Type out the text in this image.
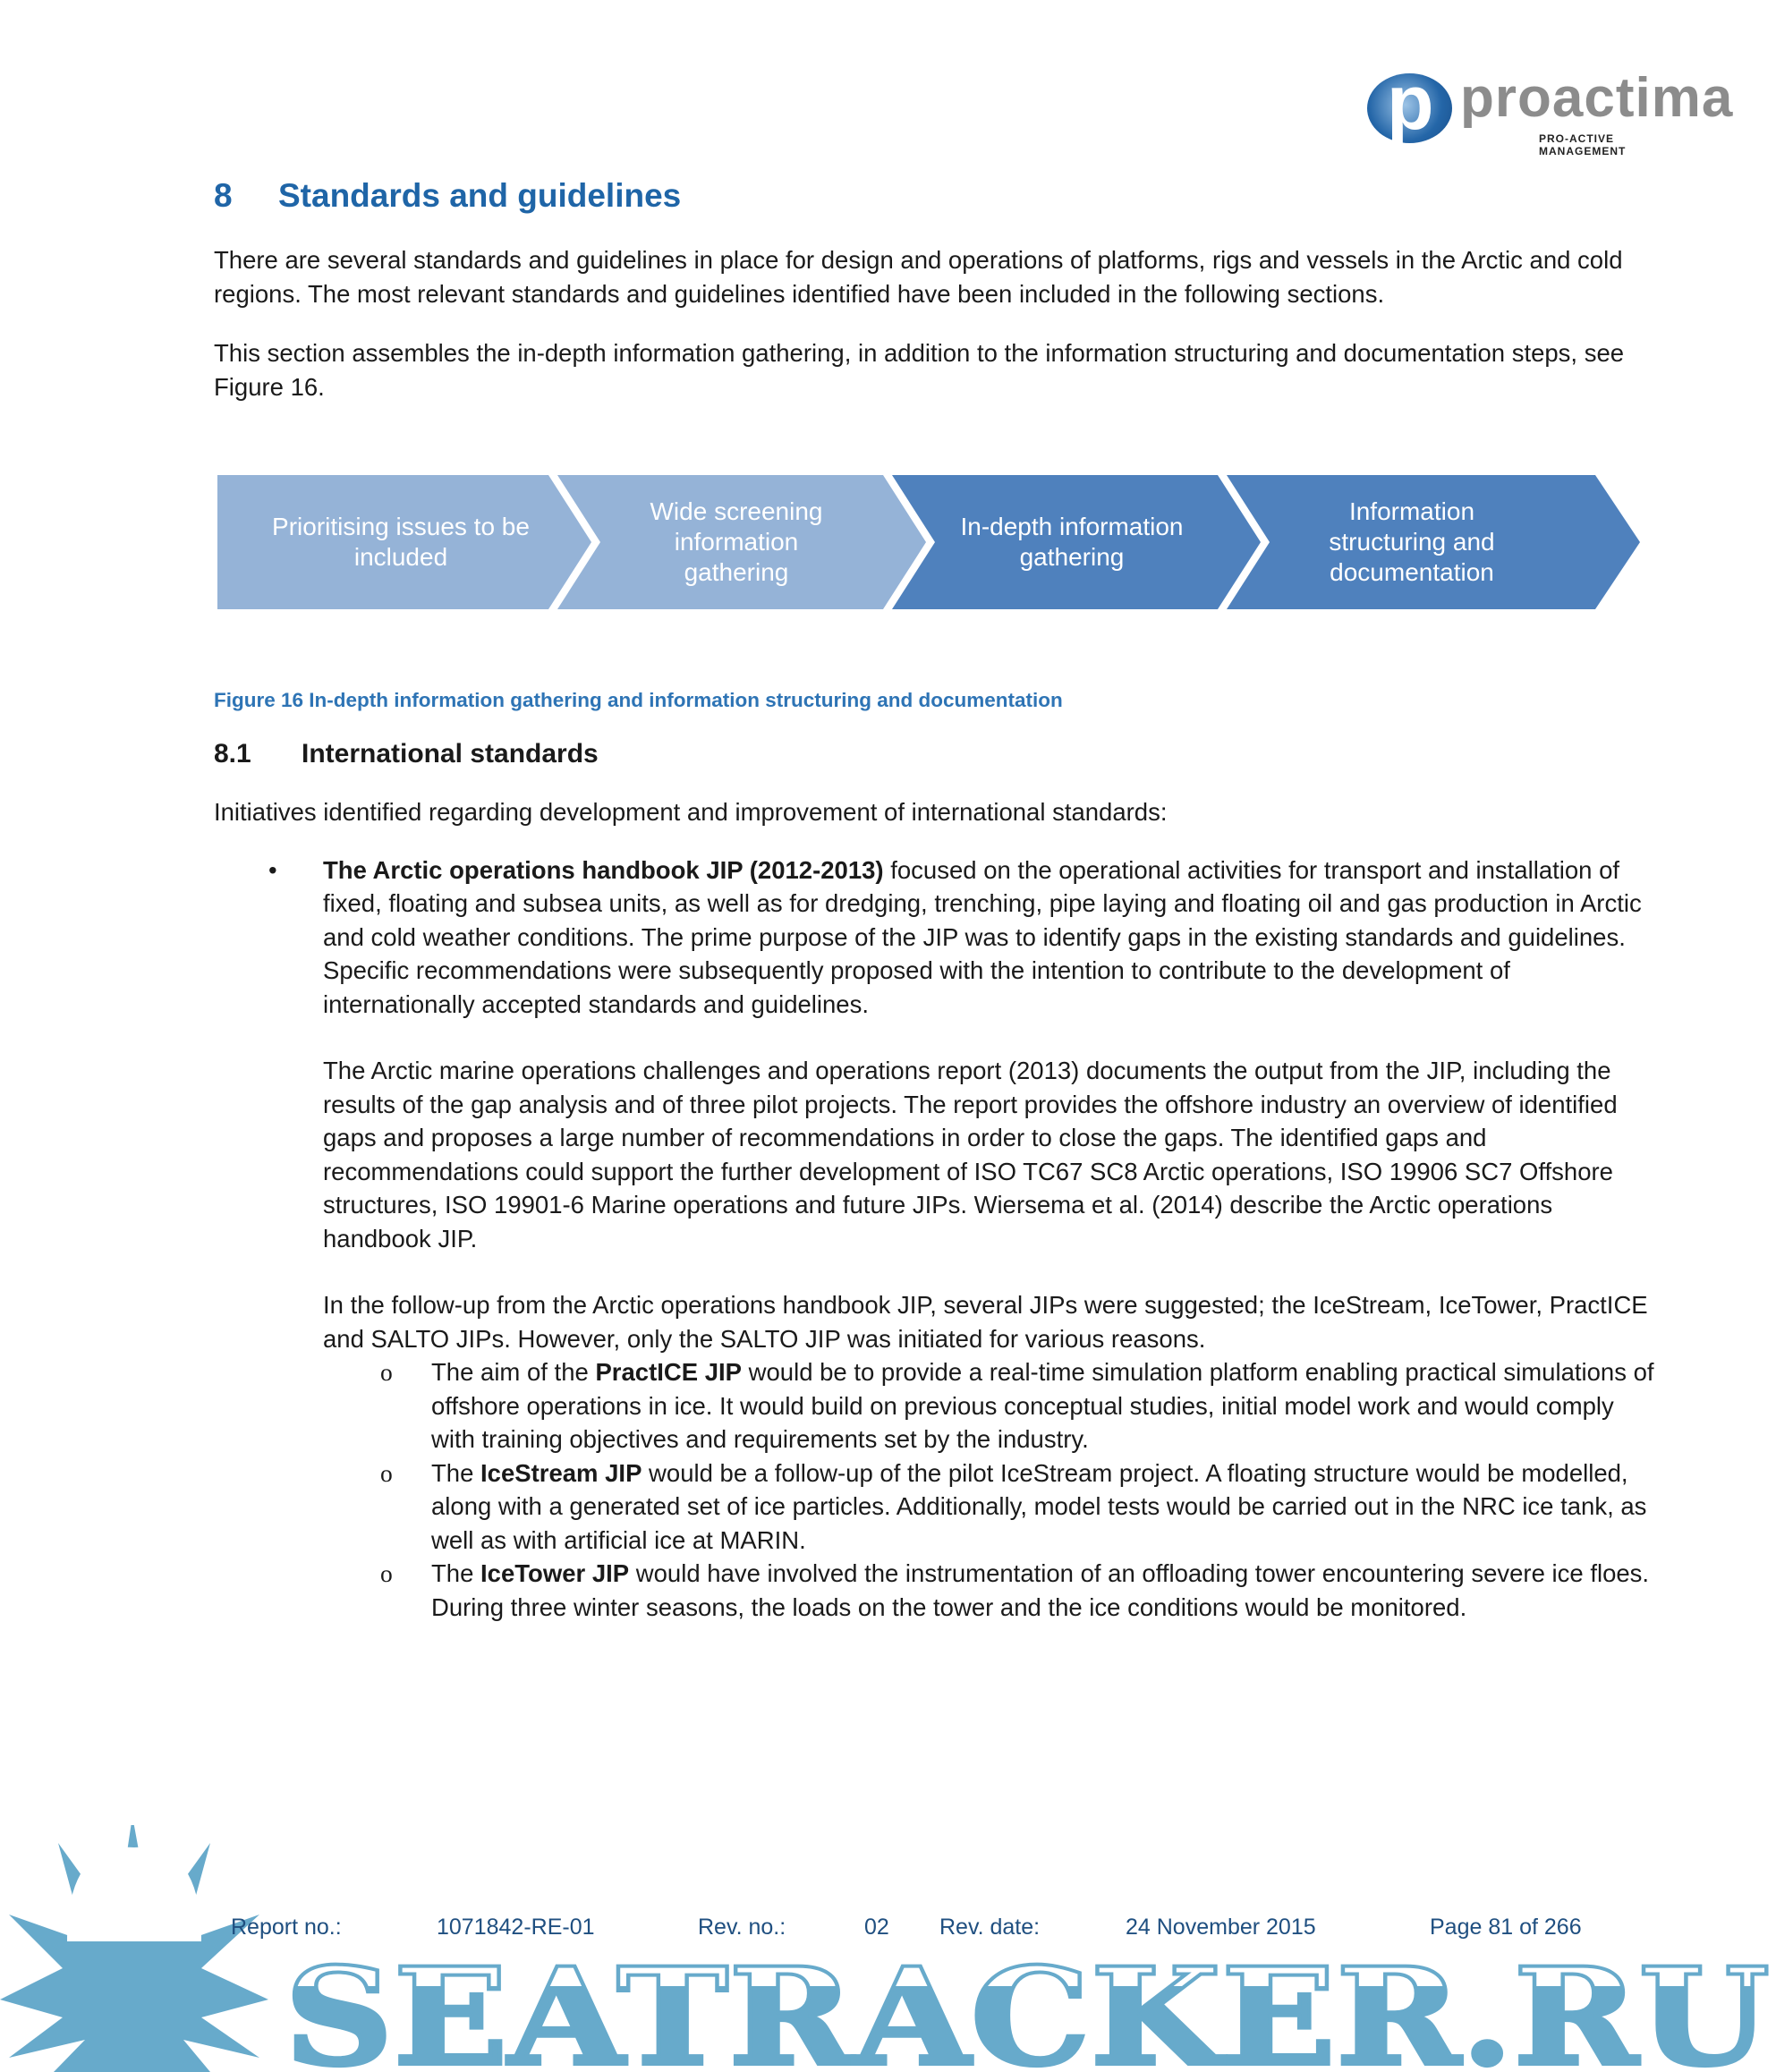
p proactima
PRO-ACTIVE MANAGEMENT
8 Standards and guidelines

There are several standards and guidelines in place for design and operations of platforms, rigs and vessels in the Arctic and cold regions. The most relevant standards and guidelines identified have been included in the following sections.

This section assembles the in-depth information gathering, in addition to the information structuring and documentation steps, see Figure 16.

Prioritising issues to be included
Wide screening information gathering
In-depth information gathering
Information structuring and documentation
Figure 16 In-depth information gathering and information structuring and documentation
8.1 International standards

Initiatives identified regarding development and improvement of international standards:

•	The Arctic operations handbook JIP (2012-2013) focused on the operational activities for transport and installation of fixed, floating and subsea units, as well as for dredging, trenching, pipe laying and floating oil and gas production in Arctic and cold weather conditions. The prime purpose of the JIP was to identify gaps in the existing standards and guidelines. Specific recommendations were subsequently proposed with the intention to contribute to the development of internationally accepted standards and guidelines.

The Arctic marine operations challenges and operations report (2013) documents the output from the JIP, including the results of the gap analysis and of three pilot projects. The report provides the offshore industry an overview of identified gaps and proposes a large number of recommendations in order to close the gaps. The identified gaps and recommendations could support the further development of ISO TC67 SC8 Arctic operations, ISO 19906 SC7 Offshore structures, ISO 19901-6 Marine operations and future JIPs. Wiersema et al. (2014) describe the Arctic operations handbook JIP.

In the follow-up from the Arctic operations handbook JIP, several JIPs were suggested; the IceStream, IceTower, PractICE and SALTO JIPs. However, only the SALTO JIP was initiated for various reasons.

o	The aim of the PractICE JIP would be to provide a real-time simulation platform enabling practical simulations of offshore operations in ice. It would build on previous conceptual studies, initial model work and would comply with training objectives and requirements set by the industry.

o	The IceStream JIP would be a follow-up of the pilot IceStream project. A floating structure would be modelled, along with a generated set of ice particles. Additionally, model tests would be carried out in the NRC ice tank, as well as with artificial ice at MARIN.

o	The IceTower JIP would have involved the instrumentation of an offloading tower encountering severe ice floes. During three winter seasons, the loads on the tower and the ice conditions would be monitored.

SEATRACKER.RU
Report no.:	1071842-RE-01	Rev. no.:	02 Rev. date:	24 November 2015	Page 81 of 266
